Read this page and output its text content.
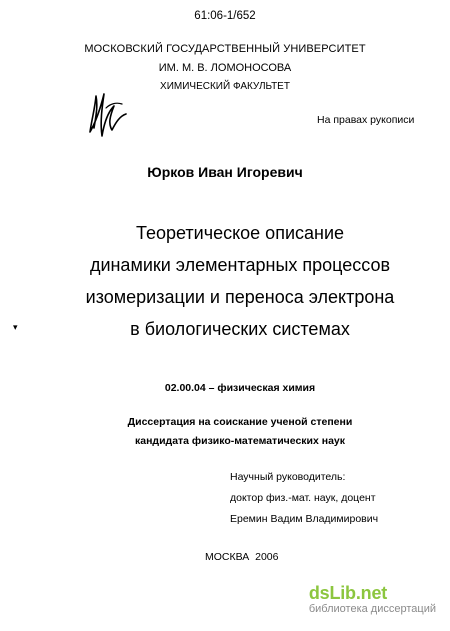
61:06-1/652
МОСКОВСКИЙ ГОСУДАРСТВЕННЫЙ УНИВЕРСИТЕТ
ИМ. М. В. ЛОМОНОСОВА
ХИМИЧЕСКИЙ ФАКУЛЬТЕТ
На правах рукописи
Юрков Иван Игоревич
Теоретическое описание
динамики элементарных процессов
изомеризации и переноса электрона
в биологических системах
▾
02.00.04 – физическая химия
Диссертация на соискание ученой степени
кандидата физико-математических наук
Научный руководитель:
доктор физ.-мат. наук, доцент
Еремин Вадим Владимирович
МОСКВА  2006
dsLib.net
библиотека диссертаций
